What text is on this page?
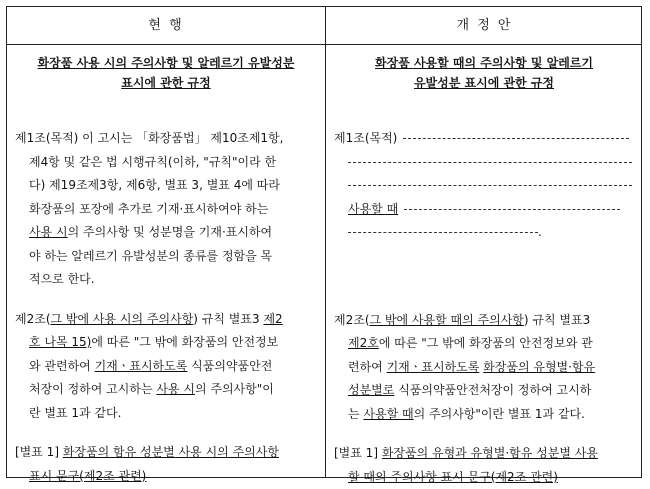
현 행	개 정 안
화장품 사용 시의 주의사항 및 알레르기 유발성분
표시에 관한 규정
제1조(목적) 이 고시는 「화장품법」 제10조제1항,
제4항 및 같은 법 시행규칙(이하, "규칙"이라 한
다) 제19조제3항, 제6항, 별표 3, 별표 4에 따라
화장품의 포장에 추가로 기재·표시하여야 하는
사용 시의 주의사항 및 성분명을 기재·표시하여
야 하는 알레르기 유발성분의 종류를 정함을 목
적으로 한다.
제2조(그 밖에 사용 시의 주의사항) 규칙 별표3 제2
호 나목 15)에 따른 "그 밖에 화장품의 안전정보
와 관련하여 기재ㆍ표시하도록 식품의약품안전
처장이 정하여 고시하는 사용 시의 주의사항"이
란 별표 1과 같다.
[별표 1] 화장품의 함유 성분별 사용 시의 주의사항
표시 문구(제2조 관련)
화장품 사용할 때의 주의사항 및 알레르기
유발성분 표시에 관한 규정
제1조(목적)
사용할 때
.
제2조(그 밖에 사용할 때의 주의사항) 규칙 별표3
제2호에 따른 "그 밖에 화장품의 안전정보와 관
련하여 기재ㆍ표시하도록 화장품의 유형별·함유
성분별로 식품의약품안전처장이 정하여 고시하
는 사용할 때의 주의사항"이란 별표 1과 같다.
[별표 1] 화장품의 유형과 유형별·함유 성분별 사용
할 때의 주의사항 표시 문구(제2조 관련)
